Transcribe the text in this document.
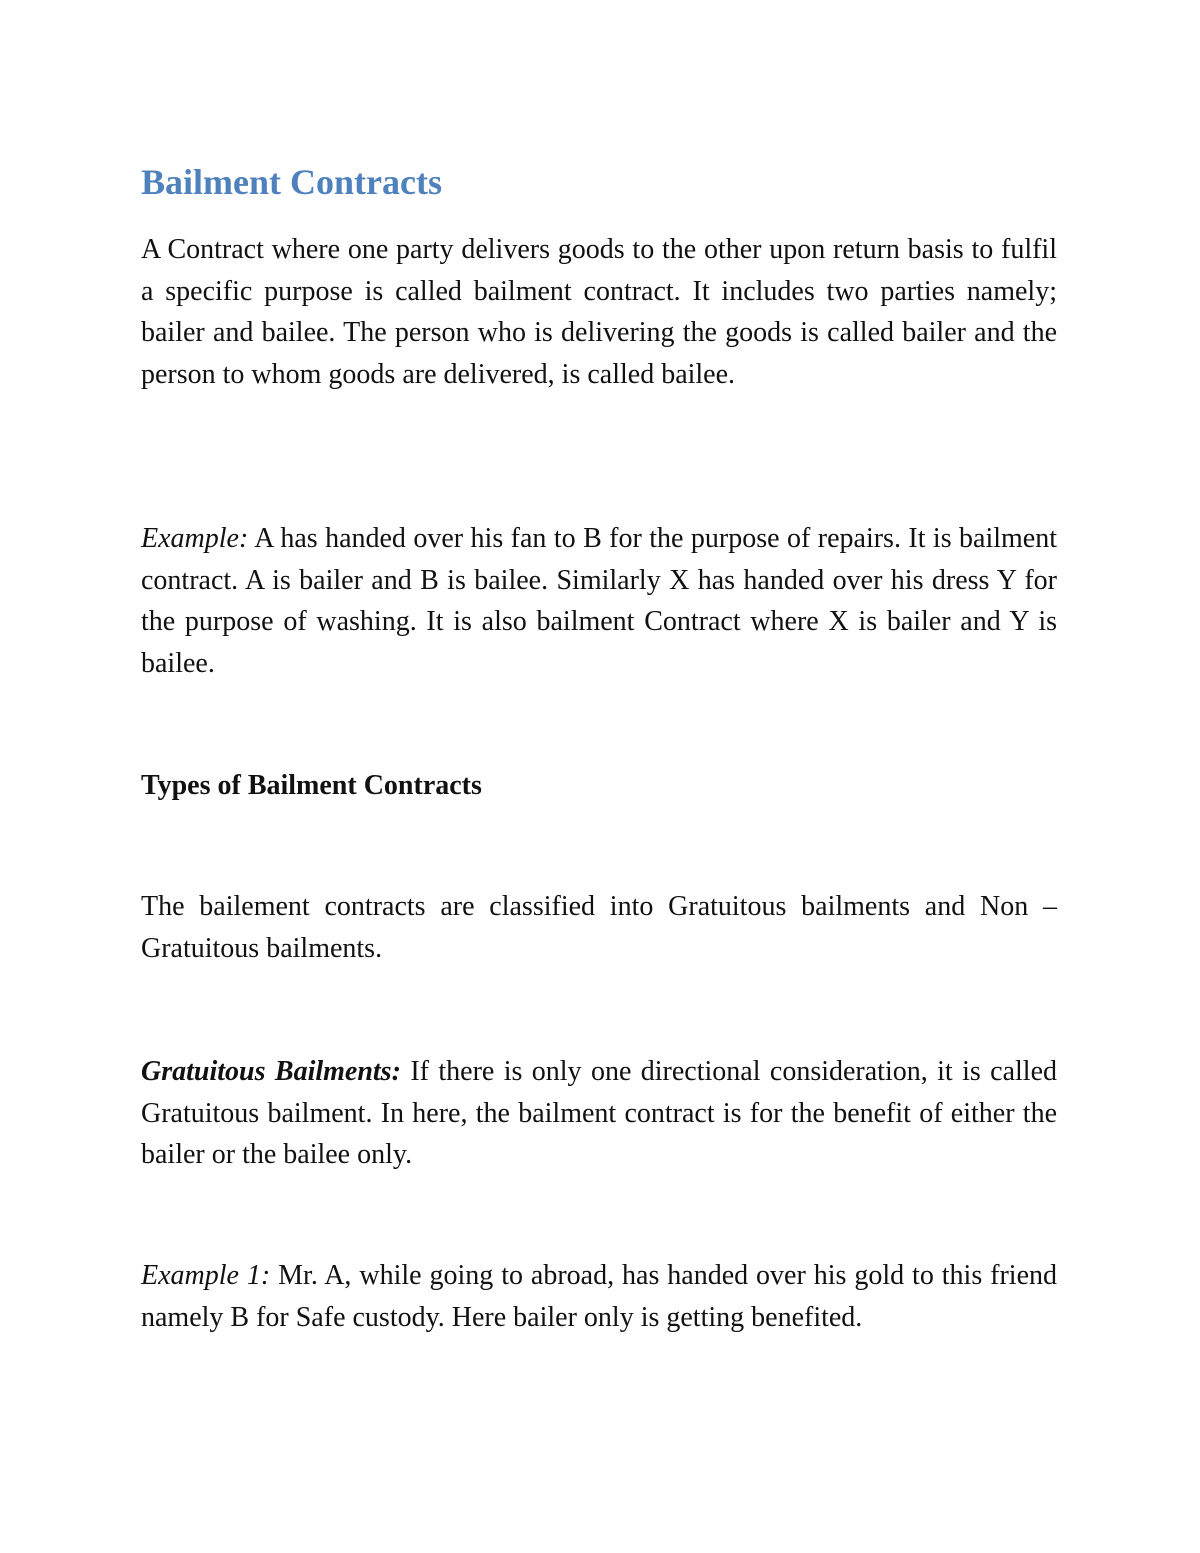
Bailment Contracts

A Contract where one party delivers goods to the other upon return basis to fulfil a specific purpose is called bailment contract. It includes two parties namely; bailer and bailee. The person who is delivering the goods is called bailer and the person to whom goods are delivered, is called bailee.

Example: A has handed over his fan to B for the purpose of repairs. It is bailment contract. A is bailer and B is bailee. Similarly X has handed over his dress Y for the purpose of washing. It is also bailment Contract where X is bailer and Y is bailee.

Types of Bailment Contracts

The bailement contracts are classified into Gratuitous bailments and Non – Gratuitous bailments.

Gratuitous Bailments: If there is only one directional consideration, it is called Gratuitous bailment. In here, the bailment contract is for the benefit of either the bailer or the bailee only.

Example 1: Mr. A, while going to abroad, has handed over his gold to this friend namely B for Safe custody. Here bailer only is getting benefited.
